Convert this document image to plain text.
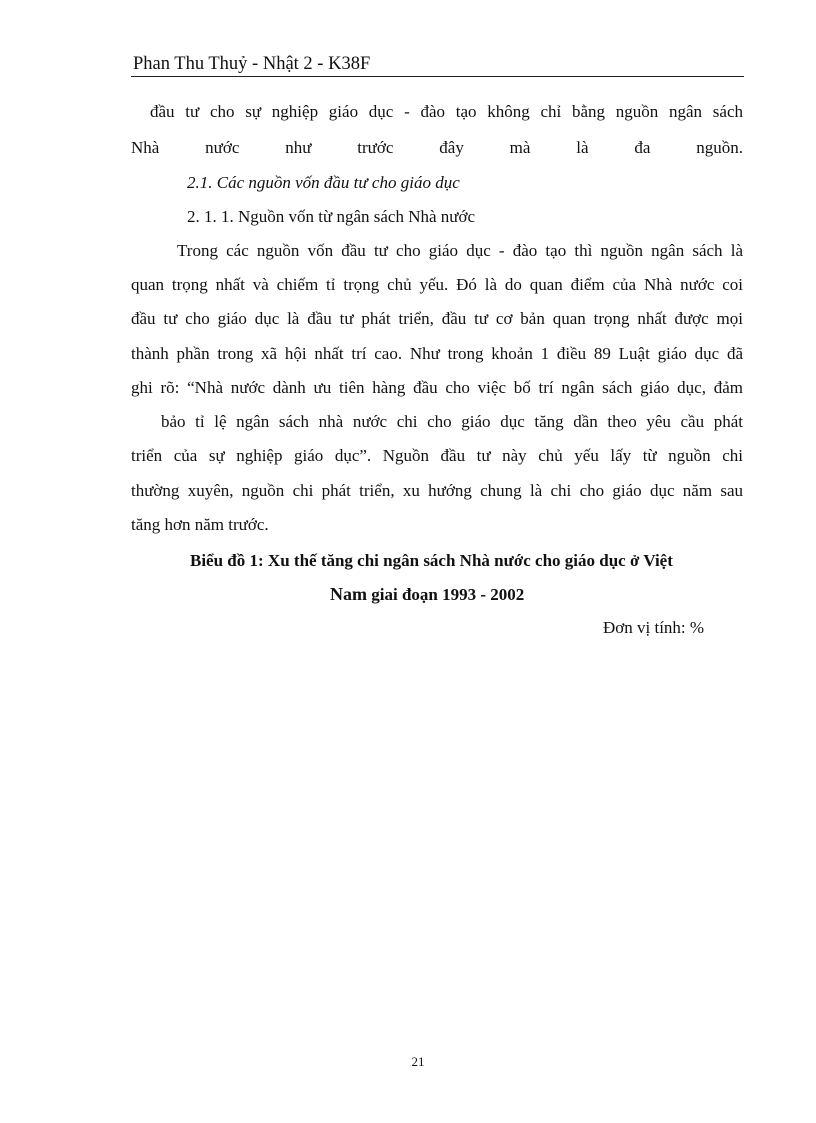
Phan Thu Thuỷ - Nhật 2 - K38F
đầu tư cho sự nghiệp giáo dục - đào tạo không chỉ bằng nguồn ngân sách
Nhà nước như trước đây mà là đa nguồn.
2.1. Các nguồn vốn đầu tư cho giáo dục
2. 1. 1. Nguồn vốn từ ngân sách Nhà nước
Trong các nguồn vốn đầu tư cho giáo dục - đào tạo thì nguồn ngân sách là
quan trọng nhất và chiếm tỉ trọng chủ yếu. Đó là do quan điểm của Nhà nước coi
đầu tư cho giáo dục là đầu tư phát triển, đầu tư cơ bản quan trọng nhất được mọi
thành phần trong xã hội nhất trí cao. Như trong khoản 1 điều 89 Luật giáo dục đã
ghi rõ: “Nhà nước dành ưu tiên hàng đầu cho việc bố trí ngân sách giáo dục, đảm
bảo tỉ lệ ngân sách nhà nước chi cho giáo dục tăng dần theo yêu cầu phát
triển của sự nghiệp giáo dục”. Nguồn đầu tư này chủ yếu lấy từ nguồn chi
thường xuyên, nguồn chi phát triển, xu hướng chung là chi cho giáo dục năm sau
tăng hơn năm trước.
Biểu đồ 1: Xu thế tăng chi ngân sách Nhà nước cho giáo dục ở Việt
Nam giai đoạn 1993 - 2002
Đơn vị tính: %
21
